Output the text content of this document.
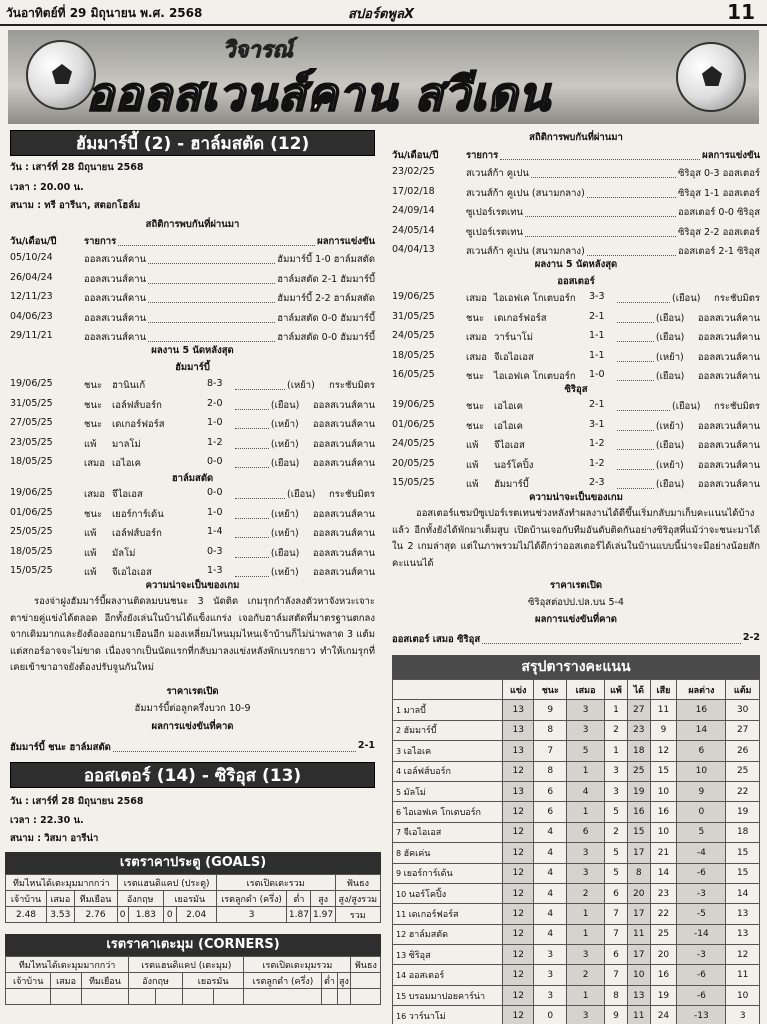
วันอาทิตย์ที่ 29 มิถุนายน พ.ศ. 2568	สปอร์ตพูลX	11
วิจารณ์
ออลสเวนส์คาน สวีเดน
ฮัมมาร์บี้ (2) - ฮาล์มสตัด (12)
วัน : เสาร์ที่ 28 มิถุนายน 2568
เวลา : 20.00 น.
สนาม : ทรี อารีนา, สตอกโฮล์ม
สถิติการพบกันที่ผ่านมา
วัน/เดือน/ปี	รายการ	ผลการแข่งขัน
05/10/24	ออลสเวนส์คาน	ฮัมมาร์บี้ 1-0 ฮาล์มสตัด
26/04/24	ออลสเวนส์คาน	ฮาล์มสตัด 2-1 ฮัมมาร์บี้
12/11/23	ออลสเวนส์คาน	ฮัมมาร์บี้ 2-2 ฮาล์มสตัด
04/06/23	ออลสเวนส์คาน	ฮาล์มสตัด 0-0 ฮัมมาร์บี้
29/11/21	ออลสเวนส์คาน	ฮาล์มสตัด 0-0 ฮัมมาร์บี้
ผลงาน 5 นัดหลังสุด
ฮัมมาร์บี้
19/06/25	ชนะ	ฮานินเก้	8-3	(เหย้า)	กระชับมิตร
31/05/25	ชนะ	เอล์ฟส์บอร์ก	2-0	(เยือน)	ออลสเวนส์คาน
27/05/25	ชนะ	เดเกอร์ฟอร์ส	1-0	(เหย้า)	ออลสเวนส์คาน
23/05/25	แพ้	มาลโม่	1-2	(เหย้า)	ออลสเวนส์คาน
18/05/25	เสมอ เอไอเค	0-0	(เยือน)	ออลสเวนส์คาน
ฮาล์มสตัด
19/06/25	เสมอ จีไอเอส	0-0	(เยือน)	กระชับมิตร
01/06/25	ชนะ	เยอร์การ์เด้น	1-0	(เหย้า)	ออลสเวนส์คาน
25/05/25	แพ้	เอล์ฟส์บอร์ก	1-4	(เหย้า)	ออลสเวนส์คาน
18/05/25	แพ้	มัลโม่	0-3	(เยือน)	ออลสเวนส์คาน
15/05/25	แพ้	จีเอไอเอส	1-3	(เหย้า)	ออลสเวนส์คาน
ความน่าจะเป็นของเกม
รองจ่าฝูงฮัมมาร์บี้ผลงานติดลมบนชนะ 3 นัดติด เกมรุกกำลังลงตัวหาจังหวะเจาะตาข่ายคู่แข่งได้ตลอด อีกทั้งยังเล่นในบ้านได้แข็งแกร่ง เจอกับฮาล์มสตัดที่มาตรฐานตกลงจากเดิมมากและยังต้องออกมาเยือนอีก มองเหลี่ยมไหนมุมไหนเจ้าบ้านก็ไม่น่าพลาด 3 แต้ม แต่สกอร์อาจจะไม่ขาด เนื่องจากเป็นนัดแรกที่กลับมาลงแข่งหลังพักเบรกยาว ทำให้เกมรุกที่เคยเข้าขาอาจยังต้องปรับจูนกันใหม่
ราคาเรตเปิด
ฮัมมาร์บี้ต่อลูกครึ่งบวก 10-9
ผลการแข่งขันที่คาด
ฮัมมาร์บี้ ชนะ ฮาล์มสตัด	2-1
ออสเตอร์ (14) - ซิริอุส (13)
วัน : เสาร์ที่ 28 มิถุนายน 2568
เวลา : 22.30 น.
สนาม : วิสมา อารีน่า
เรตราคาประตู (GOALS)
ทีมไหนได้เตะมุมมากกว่า			เรตแฮนดิแคป (ประตู)				เรตเปิดเตะรวม			ฟันธง
เจ้าบ้าน	เสมอ	ทีมเยือน	อังกฤษ		เยอรมัน		เรตลูกดำ (ครึ่ง)	ต่ำ	สูง	สูง/สูงรวม
2.48	3.53	2.76	0	1.83	0	2.04	3	1.87	1.97	รวม
เรตราคาเตะมุม (CORNERS)
ทีมไหนได้เตะมุมมากกว่า			เรตแฮนดิแคป (เตะมุม)				เรตเปิดเตะมุมรวม			ฟันธง
เจ้าบ้าน	เสมอ	ทีมเยือน	อังกฤษ		เยอรมัน		เรตลูกดำ (ครึ่ง)	ต่ำ	สูง	

สถิติการพบกันที่ผ่านมา
วัน/เดือน/ปี	รายการ	ผลการแข่งขัน
23/02/25	สเวนส์ก้า คูเปน	ซิริอุส 0-3 ออสเตอร์
17/02/18	สเวนส์ก้า คูเปน (สนามกลาง)	ซิริอุส 1-1 ออสเตอร์
24/09/14	ซูเปอร์เรตเทน	ออสเตอร์ 0-0 ซิริอุส
24/05/14	ซูเปอร์เรตเทน	ซิริอุส 2-2 ออสเตอร์
04/04/13	สเวนส์ก้า คูเปน (สนามกลาง)	ออสเตอร์ 2-1 ซิริอุส
ผลงาน 5 นัดหลังสุด
ออสเตอร์
19/06/25	เสมอ ไอเอฟเค โกเตบอร์ก	3-3	(เยือน)	กระชับมิตร
31/05/25	ชนะ	เดเกอร์ฟอร์ส	2-1	(เยือน)	ออลสเวนส์คาน
24/05/25	เสมอ วาร์นาโม่	1-1	(เยือน)	ออลสเวนส์คาน
18/05/25	เสมอ จีเอไอเอส	1-1	(เหย้า)	ออลสเวนส์คาน
16/05/25	ชนะ	ไอเอฟเค โกเตบอร์ก	1-0	(เยือน)	ออลสเวนส์คาน
ซิริอุส
19/06/25	ชนะ	เอไอเค	2-1	(เยือน)	กระชับมิตร
01/06/25	ชนะ	เอไอเค	3-1	(เหย้า)	ออลสเวนส์คาน
24/05/25	แพ้	จีไอเอส	1-2	(เยือน)	ออลสเวนส์คาน
20/05/25	แพ้	นอร์โคปิ้ง	1-2	(เหย้า)	ออลสเวนส์คาน
15/05/25	แพ้	ฮัมมาร์บี้	2-3	(เยือน)	ออลสเวนส์คาน
ความน่าจะเป็นของเกม
ออสเตอร์แชมป์ซูเปอร์เรตเทนช่วงหลังทำผลงานได้ดีขึ้นเริ่มกลับมาเก็บคะแนนได้บ้างแล้ว อีกทั้งยังได้พักมาเต็มสูบ เปิดบ้านเจอกับทีมอันดับติดกันอย่างซิริอุสที่แม้ว่าจะชนะมาได้ใน 2 เกมล่าสุด แต่ในภาพรวมไม่ได้ดีกว่าออสเตอร์ได้เล่นในบ้านแบบนี้น่าจะมีอย่างน้อยสักคะแนนได้
ราคาเรตเปิด
ซิริอุสต่อปป.ปล.บน 5-4
ผลการแข่งขันที่คาด
ออสเตอร์ เสมอ ซิริอุส	2-2
สรุปตารางคะแนน
	แข่ง	ชนะ	เสมอ	แพ้	ได้	เสีย	ผลต่าง	แต้ม
1 มาลบี้	13	9	3	1	27	11	16	30
2 ฮัมมาร์บี้	13	8	3	2	23	9	14	27
3 เอไอเค	13	7	5	1	18	12	6	26
4 เอล์ฟส์บอร์ก	12	8	1	3	25	15	10	25
5 มัลโม่	13	6	4	3	19	10	9	22
6 ไอเอฟเค โกเตบอร์ก	12	6	1	5	16	16	0	19
7 จีเอไอเอส	12	4	6	2	15	10	5	18
8 ฮัคเค่น	12	4	3	5	17	21	-4	15
9 เยอร์การ์เด้น	12	4	3	5	8	14	-6	15
10 นอร์โคปิ้ง	12	4	2	6	20	23	-3	14
11 เดเกอร์ฟอร์ส	12	4	1	7	17	22	-5	13
12 ฮาล์มสตัด	12	4	1	7	11	25	-14	13
13 ซิริอุส	12	3	3	6	17	20	-3	12
14 ออสเตอร์	12	3	2	7	10	16	-6	11
15 บรอมมาปอยคาร์น่า	12	3	1	8	13	19	-6	10
16 วาร์นาโม่	12	0	3	9	11	24	-13	3
